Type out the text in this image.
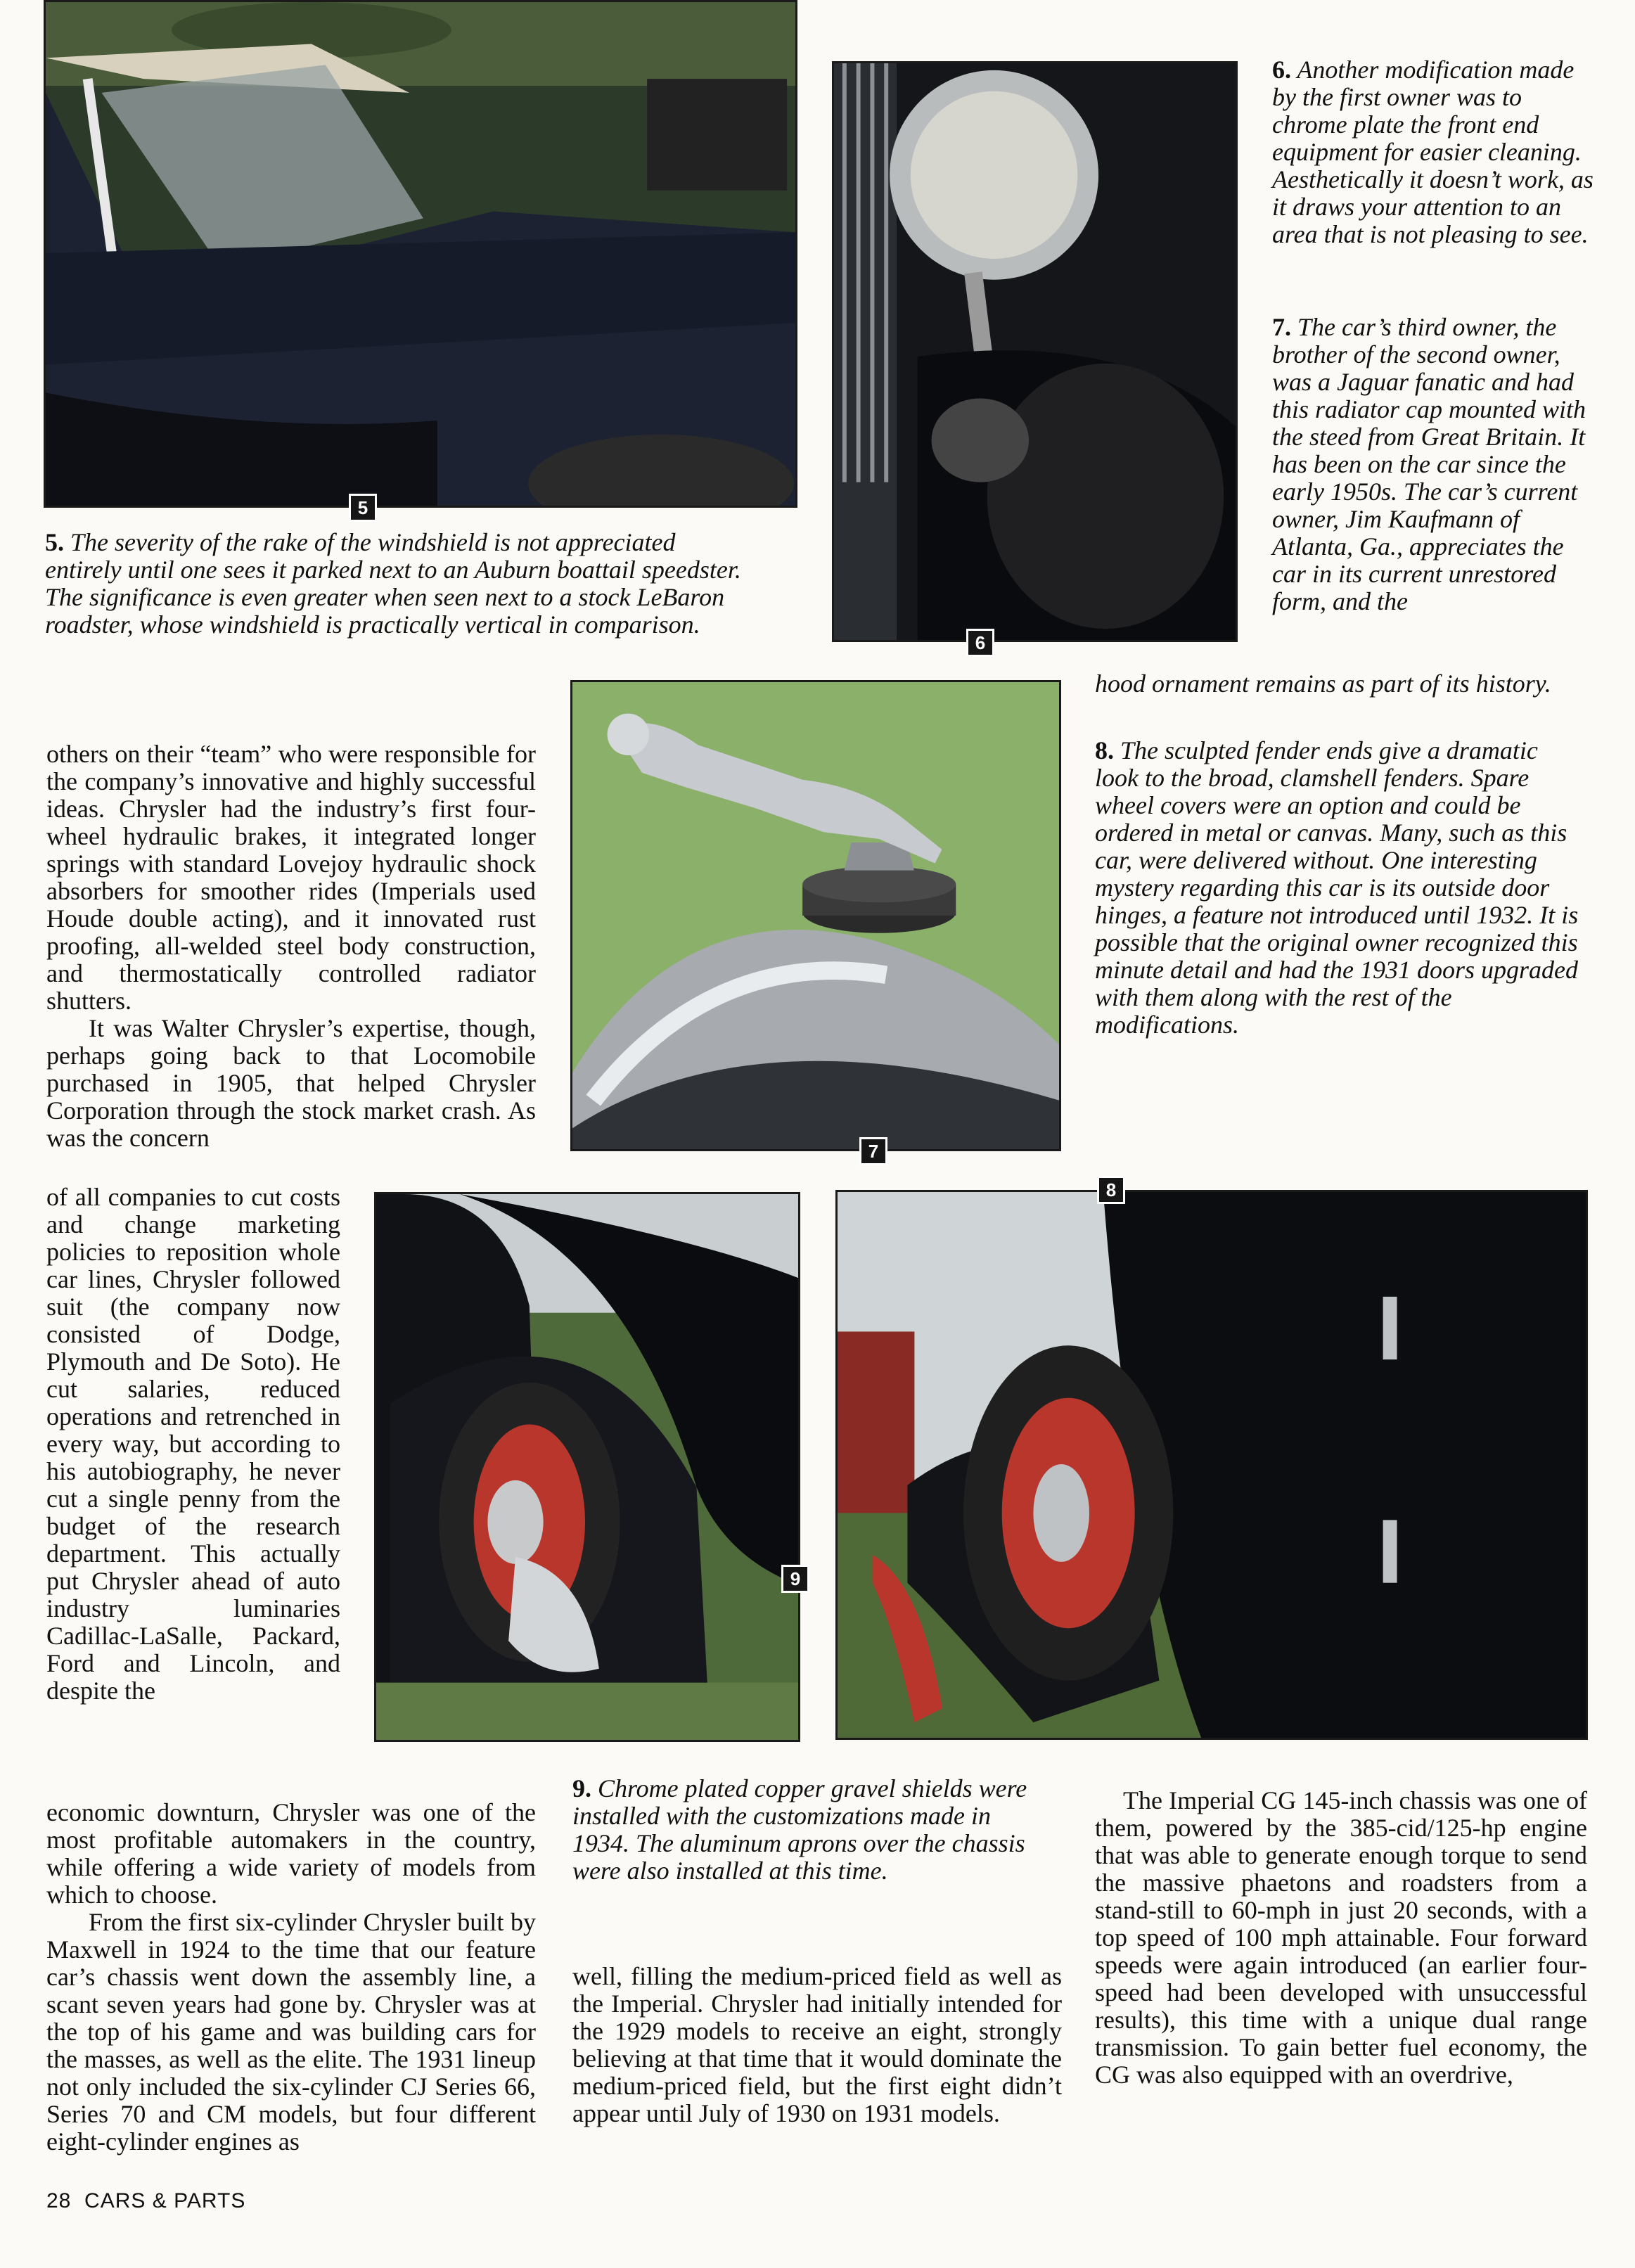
5
5. The severity of the rake of the windshield is not appreciated entirely until one sees it parked next to an Auburn boattail speedster. The significance is even greater when seen next to a stock LeBaron roadster, whose windshield is practically vertical in comparison.
6
6. Another modification made by the first owner was to chrome plate the front end equipment for easier cleaning. Aesthetically it doesn’t work, as it draws your attention to an area that is not pleasing to see.
7. The car’s third owner, the brother of the second owner, was a Jaguar fanatic and had this radiator cap mounted with the steed from Great Britain. It has been on the car since the early 1950s. The car’s current owner, Jim Kaufmann of Atlanta, Ga., appreciates the car in its current unrestored form, and the
hood ornament remains as part of its history.
8. The sculpted fender ends give a dramatic look to the broad, clamshell fenders. Spare wheel covers were an option and could be ordered in metal or canvas. Many, such as this car, were delivered without. One interesting mystery regarding this car is its outside door hinges, a feature not introduced until 1932. It is possible that the original owner recognized this minute detail and had the 1931 doors upgraded with them along with the rest of the modifications.
7

others on their “team” who were responsible for the company’s innovative and highly successful ideas. Chrysler had the industry’s first four-wheel hydraulic brakes, it integrated longer springs with standard Lovejoy hydraulic shock absorbers for smoother rides (Imperials used Houde double acting), and it innovated rust proofing, all-welded steel body construction, and thermostatically controlled radiator shutters.

It was Walter Chrysler’s expertise, though, perhaps going back to that Locomobile purchased in 1905, that helped Chrysler Corporation through the stock market crash. As was the concern

of all companies to cut costs and change marketing policies to reposition whole car lines, Chrysler followed suit (the company now consisted of Dodge, Plymouth and De Soto). He cut salaries, reduced operations and retrenched in every way, but according to his autobiography, he never cut a single penny from the budget of the research department. This actually put Chrysler ahead of auto industry luminaries Cadillac-LaSalle, Packard, Ford and Lincoln, and despite the
9
8

economic downturn, Chrysler was one of the most profitable automakers in the country, while offering a wide variety of models from which to choose.

From the first six-cylinder Chrysler built by Maxwell in 1924 to the time that our feature car’s chassis went down the assembly line, a scant seven years had gone by. Chrysler was at the top of his game and was building cars for the masses, as well as the elite. The 1931 lineup not only included the six-cylinder CJ Series 66, Series 70 and CM models, but four different eight-cylinder engines as

9. Chrome plated copper gravel shields were installed with the customizations made in 1934. The aluminum aprons over the chassis were also installed at this time.
well, filling the medium-priced field as well as the Imperial. Chrysler had initially intended for the 1929 models to receive an eight, strongly believing at that time that it would dominate the medium-priced field, but the first eight didn’t appear until July of 1930 on 1931 models.

The Imperial CG 145-inch chassis was one of them, powered by the 385-cid/125-hp engine that was able to generate enough torque to send the massive phaetons and roadsters from a stand-still to 60-mph in just 20 seconds, with a top speed of 100 mph attainable. Four forward speeds were again introduced (an earlier four-speed had been developed with unsuccessful results), this time with a unique dual range transmission. To gain better fuel economy, the CG was also equipped with an overdrive,

28 CARS & PARTS
